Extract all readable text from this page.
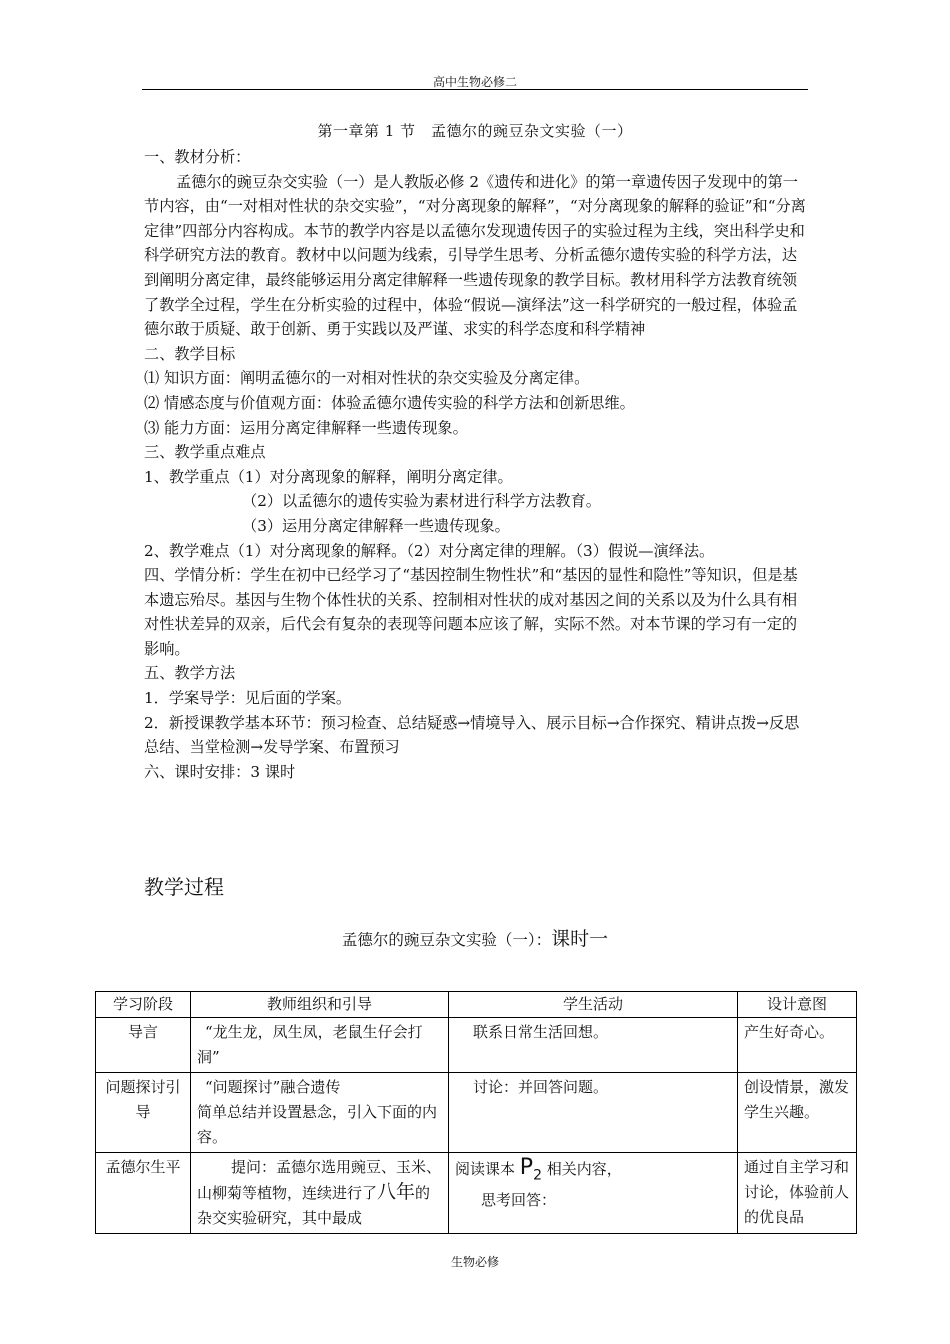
高中生物必修二
第一章第 1 节　孟德尔的豌豆杂文实验（一）

一、教材分析：

孟德尔的豌豆杂交实验（一）是人教版必修 2《遗传和进化》的第一章遗传因子发现中的第一节内容，由“一对相对性状的杂交实验”，“对分离现象的解释”，“对分离现象的解释的验证”和“分离定律”四部分内容构成。本节的教学内容是以孟德尔发现遗传因子的实验过程为主线，突出科学史和科学研究方法的教育。教材中以问题为线索，引导学生思考、分析孟德尔遗传实验的科学方法，达到阐明分离定律，最终能够运用分离定律解释一些遗传现象的教学目标。教材用科学方法教育统领了教学全过程，学生在分析实验的过程中，体验“假说—演绎法”这一科学研究的一般过程，体验孟德尔敢于质疑、敢于创新、勇于实践以及严谨、求实的科学态度和科学精神

二、教学目标

⑴ 知识方面：阐明孟德尔的一对相对性状的杂交实验及分离定律。

⑵ 情感态度与价值观方面：体验孟德尔遗传实验的科学方法和创新思维。

⑶ 能力方面：运用分离定律解释一些遗传现象。

三、教学重点难点

1、教学重点（1）对分离现象的解释，阐明分离定律。

（2）以孟德尔的遗传实验为素材进行科学方法教育。

（3）运用分离定律解释一些遗传现象。

2、教学难点（1）对分离现象的解释。（2）对分离定律的理解。（3）假说—演绎法。

四、学情分析：学生在初中已经学习了“基因控制生物性状”和“基因的显性和隐性”等知识，但是基本遗忘殆尽。基因与生物个体性状的关系、控制相对性状的成对基因之间的关系以及为什么具有相对性状差异的双亲，后代会有复杂的表现等问题本应该了解，实际不然。对本节课的学习有一定的影响。

五、教学方法

1．学案导学：见后面的学案。

2．新授课教学基本环节：预习检查、总结疑惑→情境导入、展示目标→合作探究、精讲点拨→反思总结、当堂检测→发导学案、布置预习

六、课时安排：3 课时

教学过程
孟德尔的豌豆杂文实验（一）：课时一
学习阶段	教师组织和引导	学生活动	设计意图
导言	“龙生龙，凤生凤，老鼠生仔会打洞”	联系日常生活回想。	产生好奇心。
问题探讨引导	“问题探讨”融合遗传
简单总结并设置悬念，引入下面的内容。	讨论：并回答问题。	创设情景，激发学生兴趣。
孟德尔生平	提问：孟德尔选用豌豆、玉米、山柳菊等植物，连续进行了八年的杂交实验研究，其中最成	阅读课本 $P_2$ 相关内容，
思考回答：	通过自主学习和讨论，体验前人的优良品
生物必修
